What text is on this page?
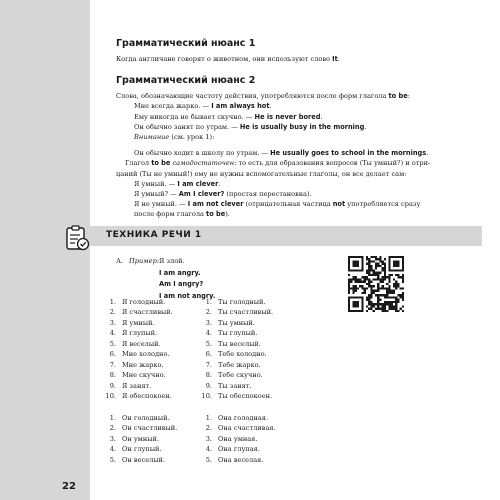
22
Грамматический нюанс 1
Когда англичане говорят о животном, они используют слово It.
Грамматический нюанс 2
Слова, обозначающие частоту действия, употребляются после форм глагола to be:
Мне всегда жарко. — I am always hot.
Ему никогда не бывает скучно. — He is never bored.
Он обычно занят по утрам. — He is usually busy in the morning.
Внимание (см. урок 1):
Он обычно ходит в школу по утрам. — He usually goes to school in the mornings.
Глагол to be самодостаточен: то есть для образования вопросов (Ты умный?) и отри-
цаний (Ты не умный!) ему не нужны вспомогательные глаголы, он все делает сам:
Я умный. — I am clever.
Я умный? — Am I clever? (простая перестановка).
Я не умный. — I am not clever (отрицательная частица not употребляется сразу
после форм глагола to be).
ТЕХНИКА РЕЧИ 1
А. Пример: Я злой.
I am angry.
Am I angry?
I am not angry.
1. Я голодный.
2. Я счастливый.
3. Я умный.
4. Я глупый.
5. Я веселый.
6. Мне холодно.
7. Мне жарко.
8. Мне скучно.
9. Я занят.
10. Я обеспокоен.
1. Ты голодный.
2. Ты счастливый.
3. Ты умный.
4. Ты глупый.
5. Ты веселый.
6. Тебе холодно.
7. Тебе жарко.
8. Тебе скучно.
9. Ты занят.
10. Ты обеспокоен.
1. Он голодный.
2. Он счастливый.
3. Он умный.
4. Он глупый.
5. Он веселый.
1. Она голодная.
2. Она счастливая.
3. Она умная.
4. Она глупая.
5. Она веселая.
